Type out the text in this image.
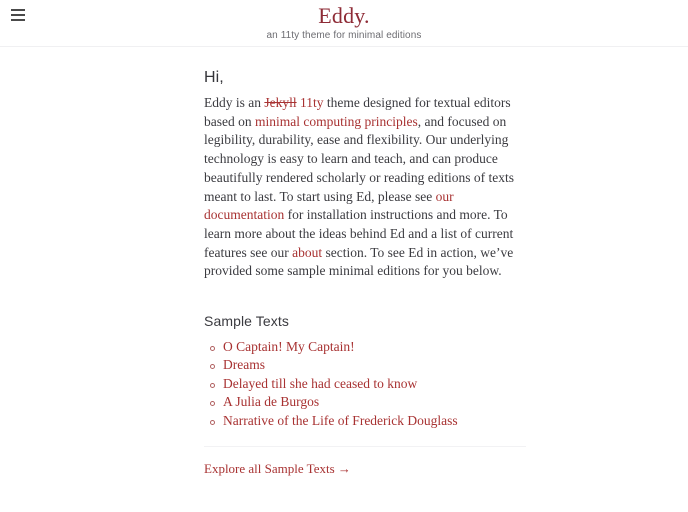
Eddy.

an 11ty theme for minimal editions

Hi,

Eddy is an Jekyll 11ty theme designed for textual editors based on minimal computing principles, and focused on legibility, durability, ease and flexibility. Our underlying technology is easy to learn and teach, and can produce beautifully rendered scholarly or reading editions of texts meant to last. To start using Ed, please see our documentation for installation instructions and more. To learn more about the ideas behind Ed and a list of current features see our about section. To see Ed in action, we’ve provided some sample minimal editions for you below.

Sample Texts
O Captain! My Captain!
Dreams
Delayed till she had ceased to know
A Julia de Burgos
Narrative of the Life of Frederick Douglass
Explore all Sample Texts →
